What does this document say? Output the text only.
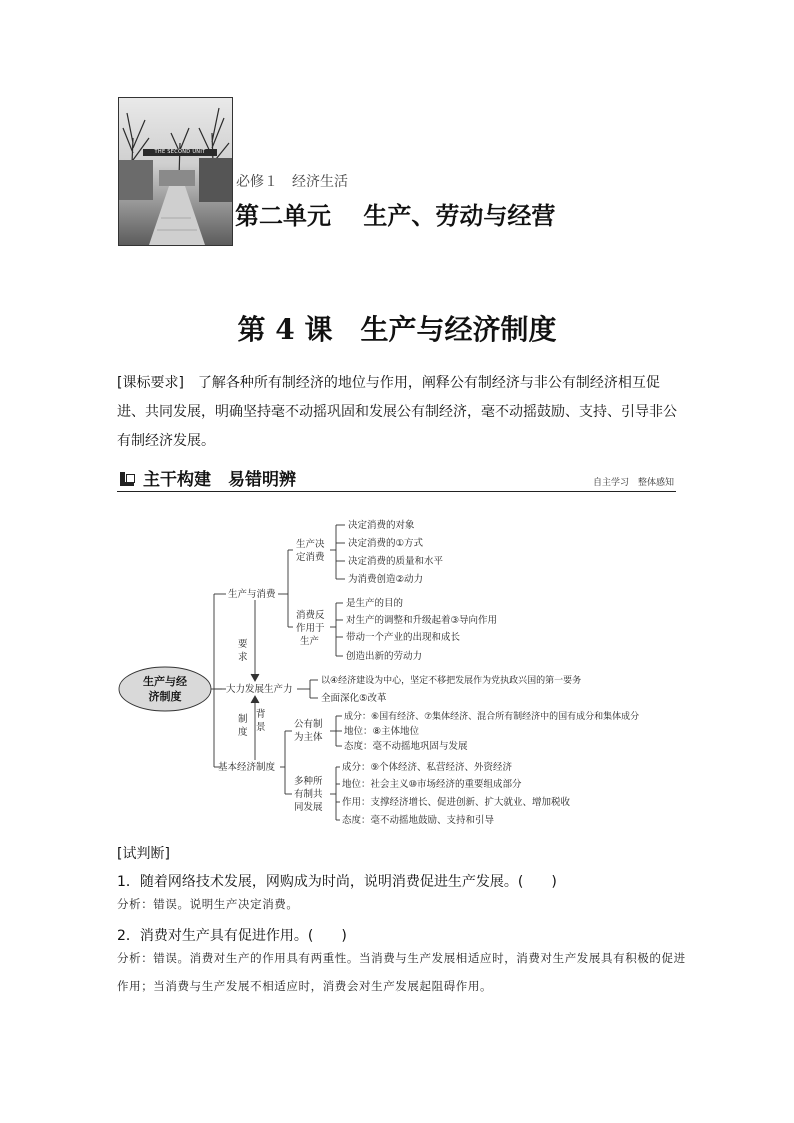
THE SECOND UNIT
必修１　经济生活
第二单元　 生产、劳动与经营
第 4 课　生产与经济制度
[课标要求]　了解各种所有制经济的地位与作用，阐释公有制经济与非公有制经济相互促进、共同发展，明确坚持毫不动摇巩固和发展公有制经济，毫不动摇鼓励、支持、引导非公有制经济发展。
主干构建　易错明辨	自主学习　整体感知
生产与经
济制度
生产与消费
生产决
定消费
决定消费的对象
决定消费的①方式
决定消费的质量和水平
为消费创造②动力
消费反
作用于
生产
是生产的目的
对生产的调整和升级起着③导向作用
带动一个产业的出现和成长
创造出新的劳动力
要
求
大力发展生产力
以④经济建设为中心，坚定不移把发展作为党执政兴国的第一要务
全面深化⑤改革
制
度
背
景
基本经济制度
公有制
为主体
成分：⑥国有经济、⑦集体经济、混合所有制经济中的国有成分和集体成分
地位：⑧主体地位
态度：毫不动摇地巩固与发展
多种所
有制共
同发展
成分：⑨个体经济、私营经济、外资经济
地位：社会主义⑩市场经济的重要组成部分
作用：支撑经济增长、促进创新、扩大就业、增加税收
态度：毫不动摇地鼓励、支持和引导
[试判断]
1．随着网络技术发展，网购成为时尚，说明消费促进生产发展。(　　)
分析：错误。说明生产决定消费。
2．消费对生产具有促进作用。(　　)
分析：错误。消费对生产的作用具有两重性。当消费与生产发展相适应时，消费对生产发展具有积极的促进作用；当消费与生产发展不相适应时，消费会对生产发展起阻碍作用。
